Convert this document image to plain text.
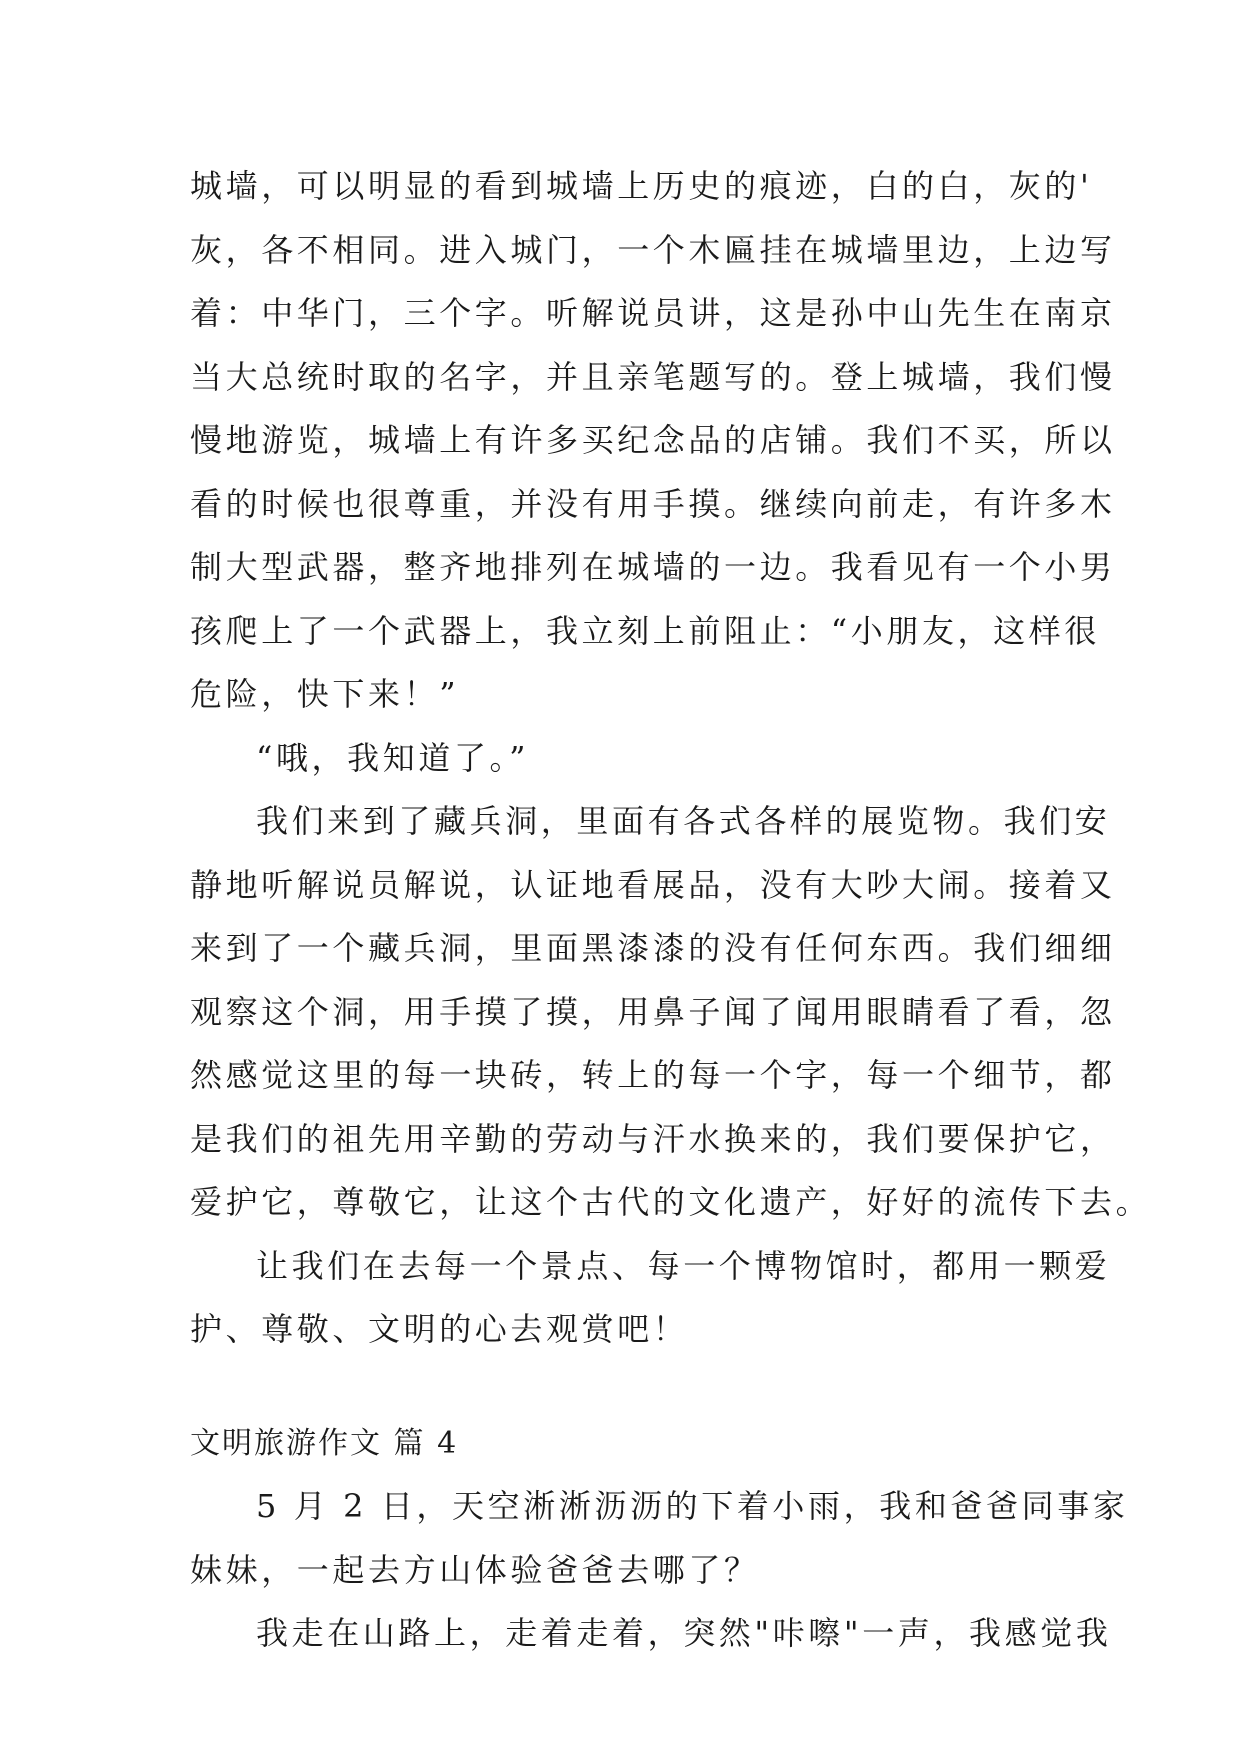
城墙，可以明显的看到城墙上历史的痕迹，白的白，灰的'
灰，各不相同。进入城门，一个木匾挂在城墙里边，上边写
着：中华门，三个字。听解说员讲，这是孙中山先生在南京
当大总统时取的名字，并且亲笔题写的。登上城墙，我们慢
慢地游览，城墙上有许多买纪念品的店铺。我们不买，所以
看的时候也很尊重，并没有用手摸。继续向前走，有许多木
制大型武器，整齐地排列在城墙的一边。我看见有一个小男
孩爬上了一个武器上，我立刻上前阻止：“小朋友，这样很
危险，快下来！”
“哦，我知道了。”
我们来到了藏兵洞，里面有各式各样的展览物。我们安
静地听解说员解说，认证地看展品，没有大吵大闹。接着又
来到了一个藏兵洞，里面黑漆漆的没有任何东西。我们细细
观察这个洞，用手摸了摸，用鼻子闻了闻用眼睛看了看，忽
然感觉这里的每一块砖，转上的每一个字，每一个细节，都
是我们的祖先用辛勤的劳动与汗水换来的，我们要保护它，
爱护它，尊敬它，让这个古代的文化遗产，好好的流传下去。
让我们在去每一个景点、每一个博物馆时，都用一颗爱
护、尊敬、文明的心去观赏吧！
文明旅游作文 篇 4
5 月 2 日，天空淅淅沥沥的下着小雨，我和爸爸同事家
妹妹，一起去方山体验爸爸去哪了？
我走在山路上，走着走着，突然"咔嚓"一声，我感觉我
